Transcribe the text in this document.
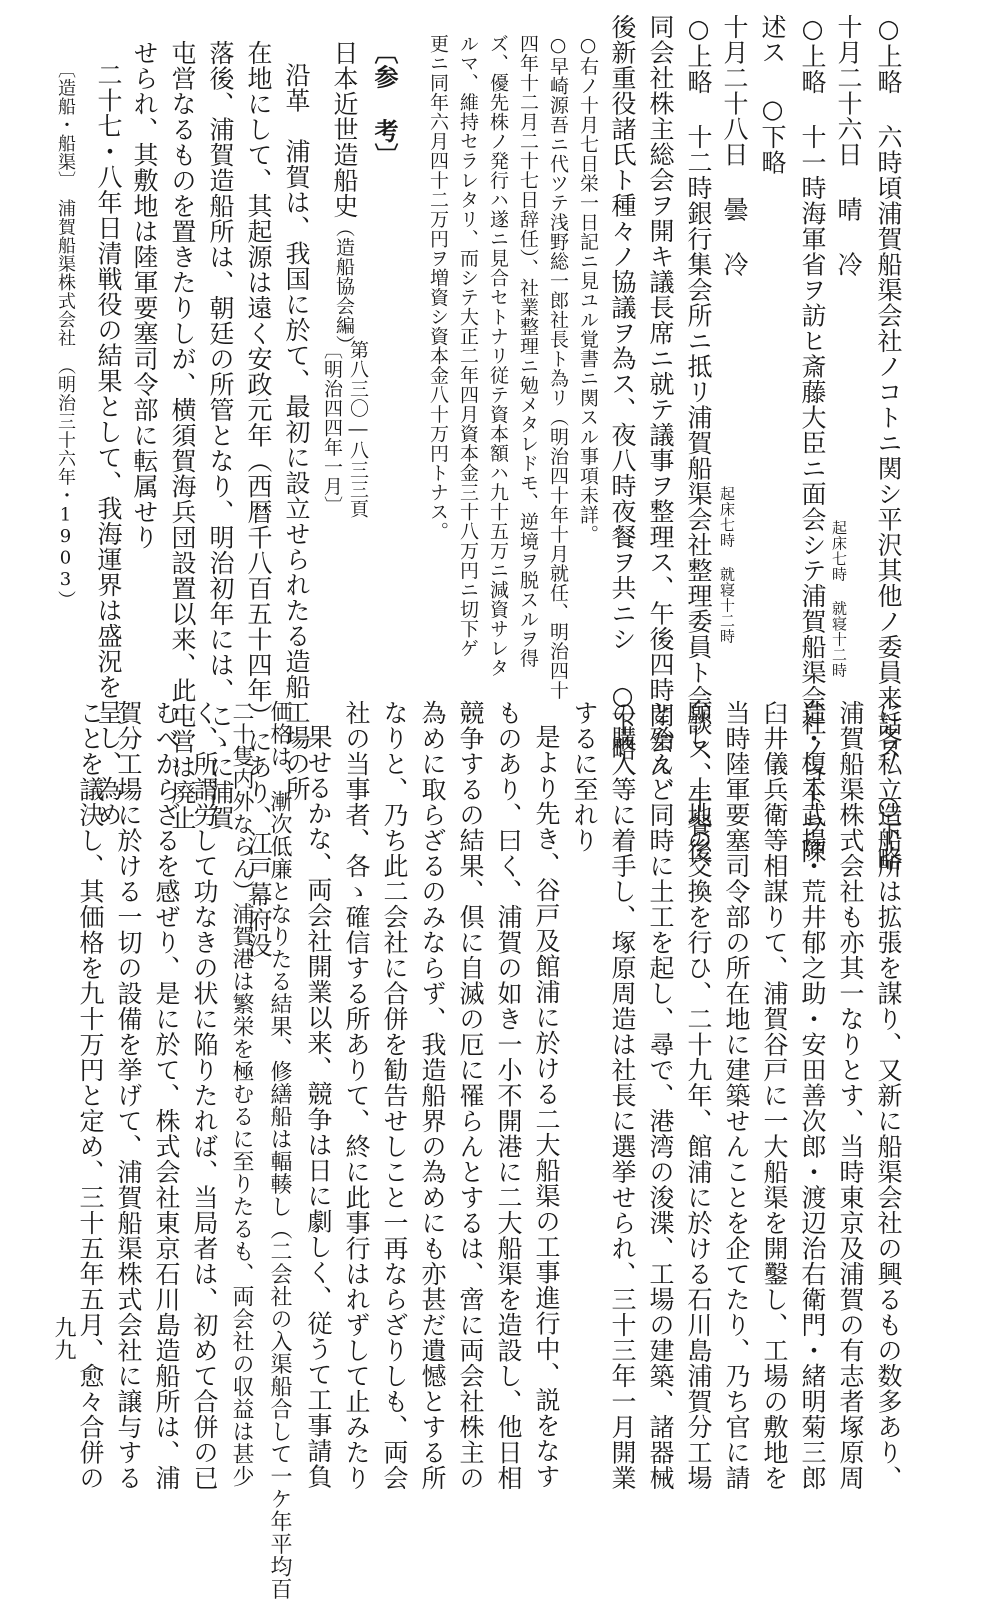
○上略 六時頃浦賀船渠会社ノコトニ関シ平沢其他ノ委員来話ス ○下略
十月二十六日 晴 冷
起床七時 就寝十二時
○上略 十一時海軍省ヲ訪ヒ斎藤大臣ニ面会シテ浦賀船渠会社ノコトヲ陳
述ス ○下略
十月二十八日 曇 冷
起床七時 就寝十二時
○上略 十二時銀行集会所ニ抵リ浦賀船渠会社整理委員ト会談ス、午餐後
同会社株主総会ヲ開キ議長席ニ就テ議事ヲ整理ス、午後四時閉会ス、
後新重役諸氏ト種々ノ協議ヲ為ス、夜八時夜餐ヲ共ニシ ○下略
○右ノ十月七日栄一日記ニ見ユル覚書ニ関スル事項未詳。
○早崎源吾ニ代ツテ浅野総一郎社長ト為リ（明治四十年十月就任、明治四十
四年十二月二十七日辞任）、社業整理ニ勉メタレドモ、逆境ヲ脱スルヲ得
ズ、優先株ノ発行ハ遂ニ見合セトナリ従テ資本額ハ九十五万ニ減資サレタ
ルマ、維持セラレタリ、而シテ大正二年四月資本金三十八万円ニ切下ゲ
更ニ同年六月四十二万円ヲ増資シ資本金八十万円トナス。
〔参 考〕
日本近世造船史
（造船協会編）
第八三〇―八三三頁
〔明治四四年一月〕
沿革　浦賀は、我国に於て、最初に設立せられたる造船工場の所
在地にして、其起源は遠く安政元年（西暦千八百五十四年）にあり、江戸幕府没
落後、浦賀造船所は、朝廷の所管となり、明治初年には、こゝに浦賀
屯営なるものを置きたりしが、横須賀海兵団設置以来、此屯営は廃止
せられ、其敷地は陸軍要塞司令部に転属せり
二十七・八年日清戦役の結果として、我海運界は盛況を呈し、為め
〔造船・船渠〕　浦賀船渠株式会社　（明治三十六年・1903）
に各私立造船所は拡張を謀り、又新に船渠会社の興るもの数多あり、
浦賀船渠株式会社も亦其一なりとす、当時東京及浦賀の有志者塚原周
造・榎本武揚・荒井郁之助・安田善次郎・渡辺治右衛門・緒明菊三郎
臼井儀兵衛等相謀りて、浦賀谷戸に一大船渠を開鑿し、工場の敷地を
当時陸軍要塞司令部の所在地に建築せんことを企てたり、乃ち官に請
願し、土地の交換を行ひ、二十九年、館浦に於ける石川島浦賀分工場
と殆んど同時に土工を起し、尋で、港湾の浚渫、工場の建築、諸器械
の購入等に着手し、塚原周造は社長に選挙せられ、三十三年一月開業
するに至れり
是より先き、谷戸及館浦に於ける二大船渠の工事進行中、説をなす
ものあり、曰く、浦賀の如き一小不開港に二大船渠を造設し、他日相
競争するの結果、倶に自滅の厄に罹らんとするは、啻に両会社株主の
為めに取らざるのみならず、我造船界の為めにも亦甚だ遺憾とする所
なりと、乃ち此二会社に合併を勧告せしこと一再ならざりしも、両会
社の当事者、各ゝ確信する所ありて、終に此事行はれずして止みたり
果せるかな、両会社開業以来、競争は日に劇しく、従うて工事請負
価格は、漸次低廉となりたる結果、修繕船は輻輳し（二会社の入渠船合して一ケ年平均百
二十隻内外ならん）浦賀港は繁栄を極むるに至りたるも、両会社の収益は甚少
く、所謂労して功なきの状に陥りたれば、当局者は、初めて合併の已
むべからざるを感ぜり、是に於て、株式会社東京石川島造船所は、浦
賀分工場に於ける一切の設備を挙げて、浦賀船渠株式会社に譲与する
ことを議決し、其価格を九十万円と定め、三十五年五月、愈々合併の
九九
